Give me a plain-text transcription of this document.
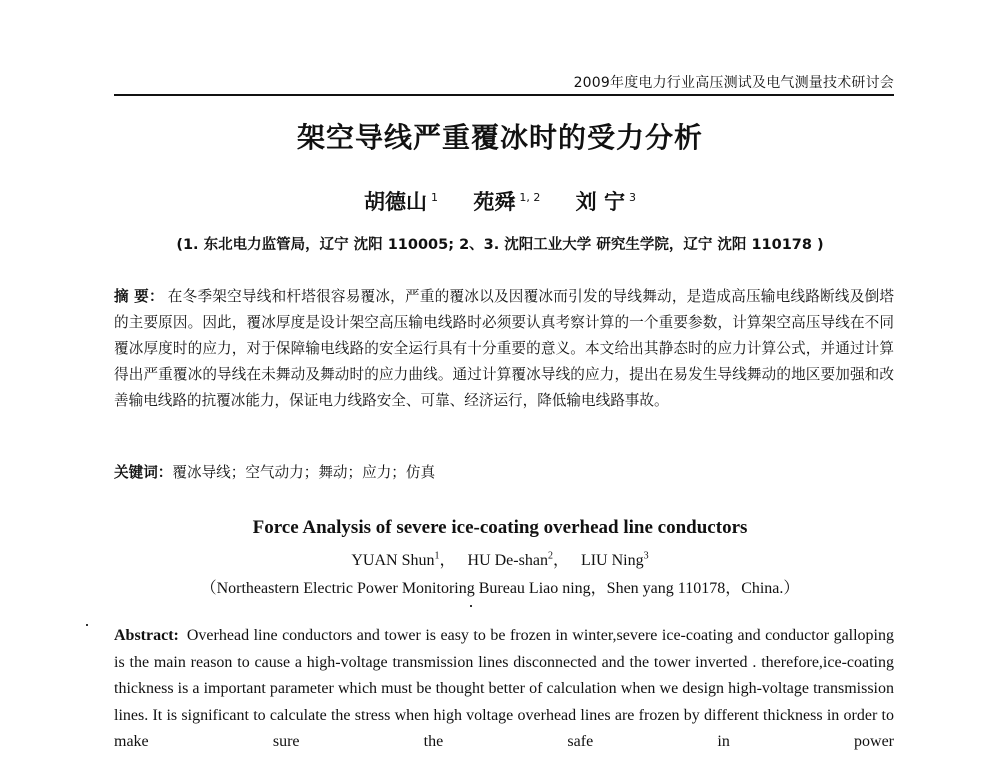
2009年度电力行业高压测试及电气测量技术研讨会
架空导线严重覆冰时的受力分析
胡德山 $^1$ 苑舜 $^{1, 2}$ 刘 宁 $^3$
(1. 东北电力监管局，辽宁 沈阳 110005; 2、3. 沈阳工业大学 研究生学院，辽宁 沈阳 110178 )
摘 要： 在冬季架空导线和杆塔很容易覆冰，严重的覆冰以及因覆冰而引发的导线舞动，是造成高压输电线路断线及倒塔的主要原因。因此，覆冰厚度是设计架空高压输电线路时必须要认真考察计算的一个重要参数，计算架空高压导线在不同覆冰厚度时的应力，对于保障输电线路的安全运行具有十分重要的意义。本文给出其静态时的应力计算公式，并通过计算得出严重覆冰的导线在未舞动及舞动时的应力曲线。通过计算覆冰导线的应力，提出在易发生导线舞动的地区要加强和改善输电线路的抗覆冰能力，保证电力线路安全、可靠、经济运行，降低输电线路事故。
关键词：覆冰导线；空气动力；舞动；应力；仿真
Force Analysis of severe ice-coating overhead line conductors
YUAN Shun$^1$， HU De-shan$^2$， LIU Ning$^3$
（Northeastern Electric Power Monitoring Bureau Liao ning，Shen yang 110178，China.）
Abstract: Overhead line conductors and tower is easy to be frozen in winter,severe ice-coating and conductor galloping is the main reason to cause a high-voltage transmission lines disconnected and the tower inverted . therefore,ice-coating thickness is a important parameter which must be thought better of calculation when we design high-voltage transmission lines. It is significant to calculate the stress when high voltage overhead lines are frozen by different thickness in order to make sure the safe in power
